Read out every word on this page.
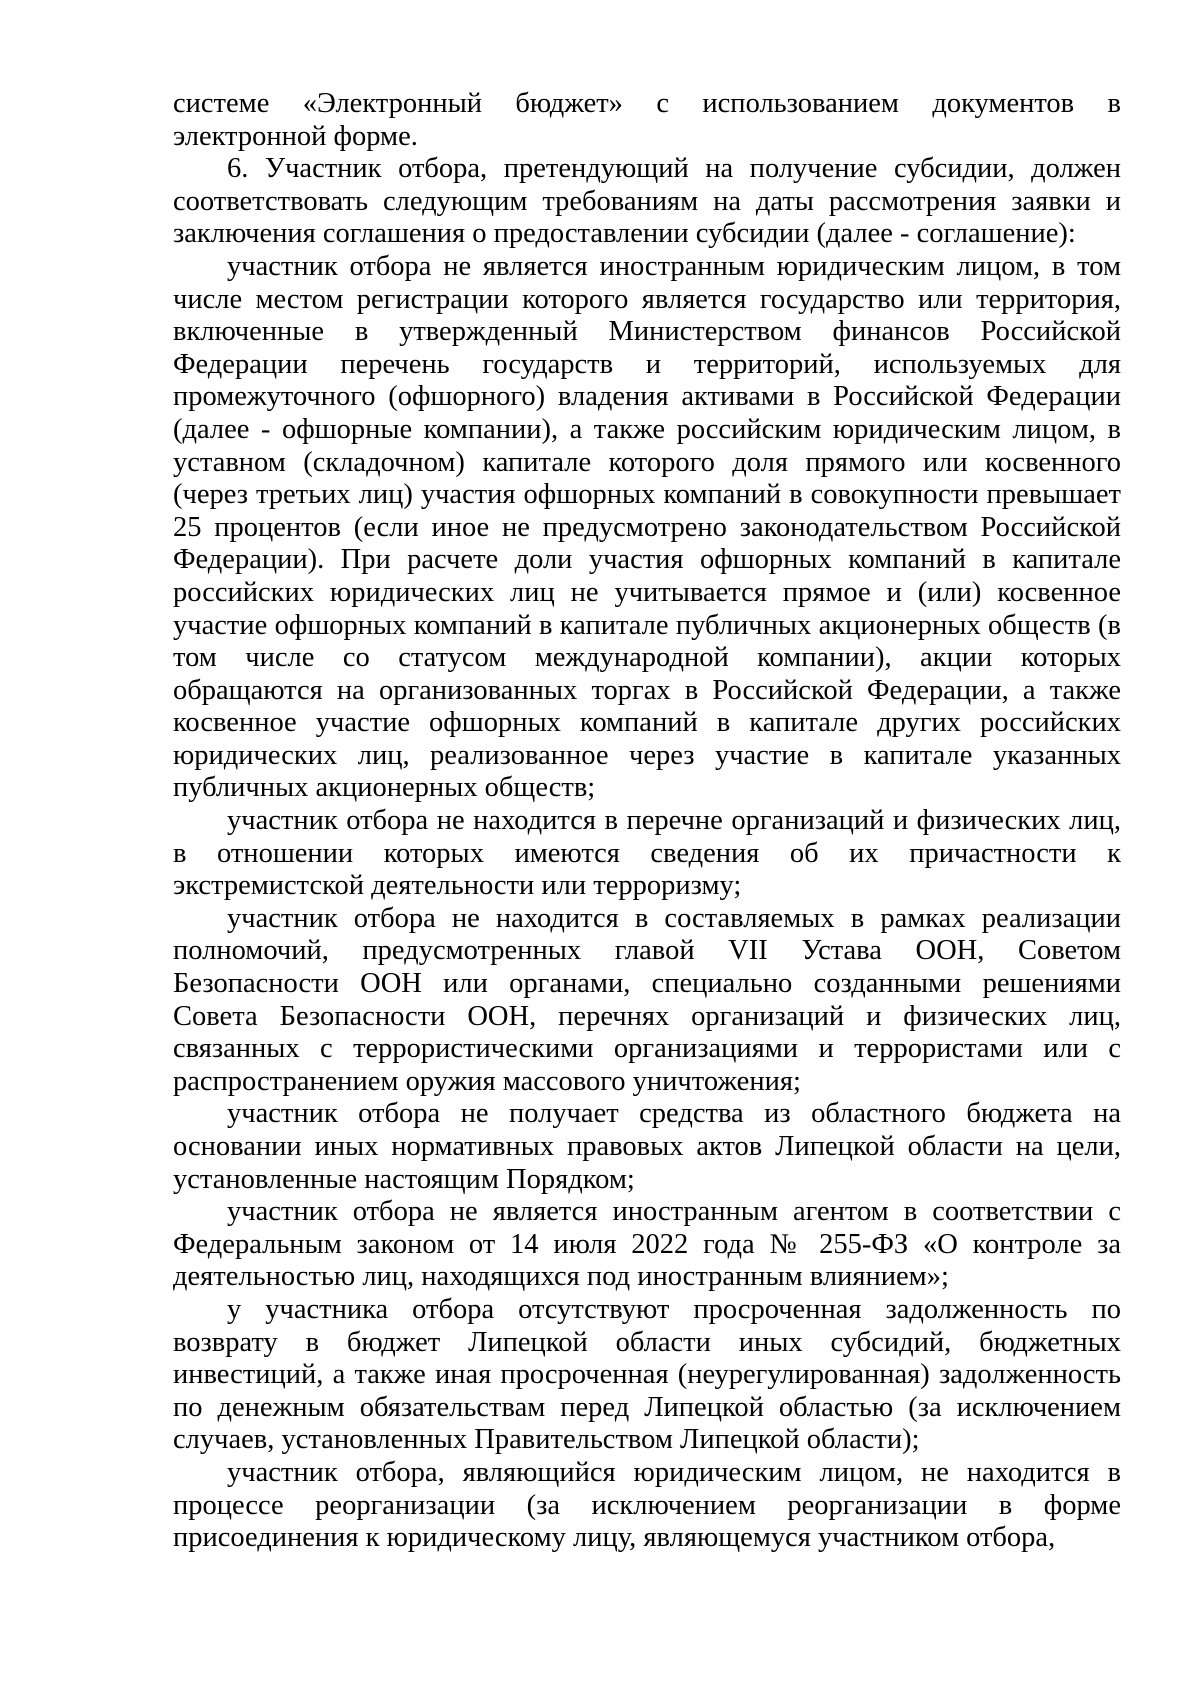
системе «Электронный бюджет» с использованием документов в электронной форме.

6. Участник отбора, претендующий на получение субсидии, должен соответствовать следующим требованиям на даты рассмотрения заявки и заключения соглашения о предоставлении субсидии (далее - соглашение):

участник отбора не является иностранным юридическим лицом, в том числе местом регистрации которого является государство или территория, включенные в утвержденный Министерством финансов Российской Федерации перечень государств и территорий, используемых для промежуточного (офшорного) владения активами в Российской Федерации (далее - офшорные компании), а также российским юридическим лицом, в уставном (складочном) капитале которого доля прямого или косвенного (через третьих лиц) участия офшорных компаний в совокупности превышает 25 процентов (если иное не предусмотрено законодательством Российской Федерации). При расчете доли участия офшорных компаний в капитале российских юридических лиц не учитывается прямое и (или) косвенное участие офшорных компаний в капитале публичных акционерных обществ (в том числе со статусом международной компании), акции которых обращаются на организованных торгах в Российской Федерации, а также косвенное участие офшорных компаний в капитале других российских юридических лиц, реализованное через участие в капитале указанных публичных акционерных обществ;

участник отбора не находится в перечне организаций и физических лиц, в отношении которых имеются сведения об их причастности к экстремистской деятельности или терроризму;

участник отбора не находится в составляемых в рамках реализации полномочий, предусмотренных главой VII Устава ООН, Советом Безопасности ООН или органами, специально созданными решениями Совета Безопасности ООН, перечнях организаций и физических лиц, связанных с террористическими организациями и террористами или с распространением оружия массового уничтожения;

участник отбора не получает средства из областного бюджета на основании иных нормативных правовых актов Липецкой области на цели, установленные настоящим Порядком;

участник отбора не является иностранным агентом в соответствии с Федеральным законом от 14 июля 2022 года № 255-ФЗ «О контроле за деятельностью лиц, находящихся под иностранным влиянием»;

у участника отбора отсутствуют просроченная задолженность по возврату в бюджет Липецкой области иных субсидий, бюджетных инвестиций, а также иная просроченная (неурегулированная) задолженность по денежным обязательствам перед Липецкой областью (за исключением случаев, установленных Правительством Липецкой области);

участник отбора, являющийся юридическим лицом, не находится в процессе реорганизации (за исключением реорганизации в форме присоединения к юридическому лицу, являющемуся участником отбора,
